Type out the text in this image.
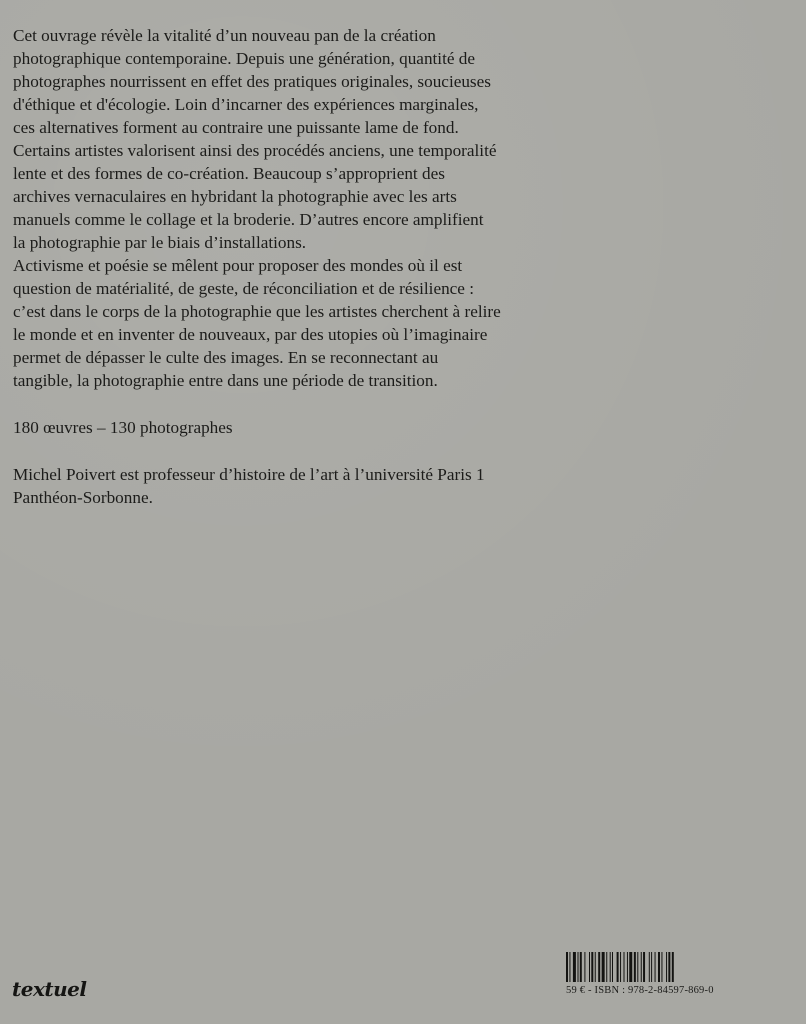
Cet ouvrage révèle la vitalité d’un nouveau pan de la création
photographique contemporaine. Depuis une génération, quantité de
photographes nourrissent en effet des pratiques originales, soucieuses
d'éthique et d'écologie. Loin d’incarner des expériences marginales,
ces alternatives forment au contraire une puissante lame de fond.
Certains artistes valorisent ainsi des procédés anciens, une temporalité
lente et des formes de co-création. Beaucoup s’approprient des
archives vernaculaires en hybridant la photographie avec les arts
manuels comme le collage et la broderie. D’autres encore amplifient
la photographie par le biais d’installations.
Activisme et poésie se mêlent pour proposer des mondes où il est
question de matérialité, de geste, de réconciliation et de résilience :
c’est dans le corps de la photographie que les artistes cherchent à relire
le monde et en inventer de nouveaux, par des utopies où l’imaginaire
permet de dépasser le culte des images. En se reconnectant au
tangible, la photographie entre dans une période de transition.
180 œuvres – 130 photographes
Michel Poivert est professeur d’histoire de l’art à l’université Paris 1
Panthéon-Sorbonne.
textuel	59 € - ISBN : 978-2-84597-869-0
